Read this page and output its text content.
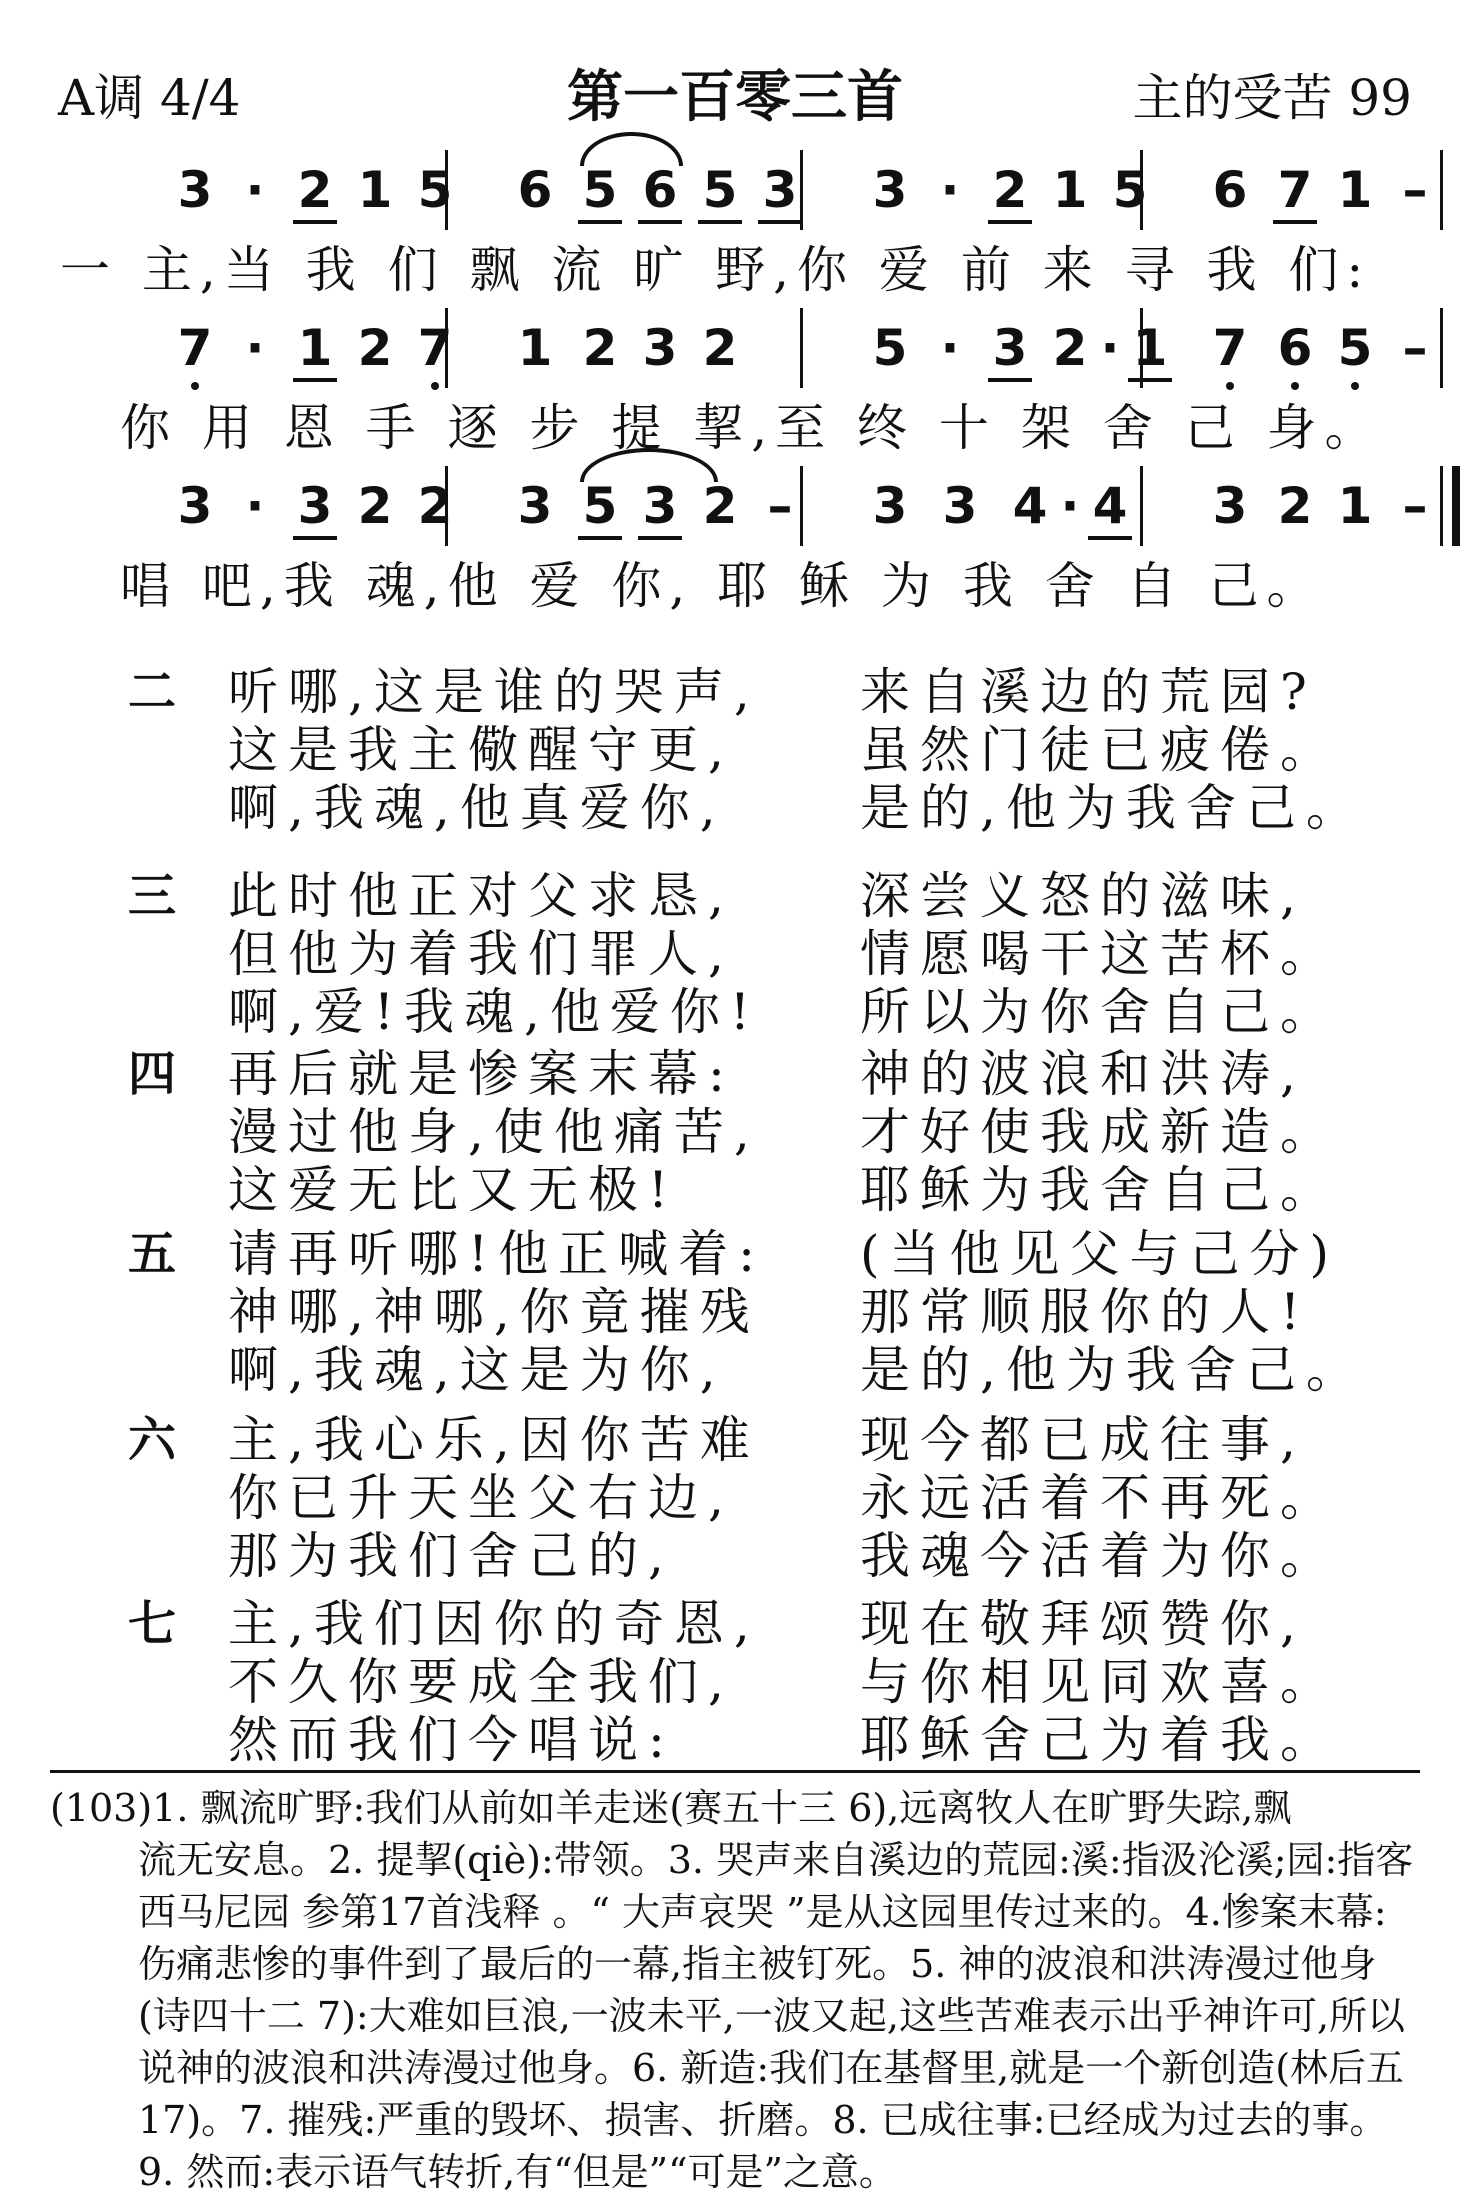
A调 4/4	第一百零三首	主的受苦 99
3 · 2 1 5 6 5 6 5 3 3 · 2 1 5 6 7 1 –
一 主,当 我 们 飘 流 旷 野,你 爱 前 来 寻 我 们:
7 · 1 2 7 1 2 3 2	5 · 3 2 · 1 7 6 5 –
你 用 恩 手 逐 步 提 挈,至 终 十 架 舍 己 身。
3 · 3 2 2 3 5 3 2 –	3 3 4 · 4 3 2 1 –
唱 吧,我 魂,他 爱 你, 耶 稣 为 我 舍 自 己。
二 听哪,这是谁的哭声, 来自溪边的荒园?
这是我主儆醒守更,	虽然门徒已疲倦。
啊,我魂,他真爱你,	是的,他为我舍己。
三 此时他正对父求恳,	深尝义怒的滋味,
但他为着我们罪人,	情愿喝干这苦杯。
啊,爱!我魂,他爱你! 所以为你舍自己。
四 再后就是惨案末幕:	神的波浪和洪涛,
漫过他身,使他痛苦, 才好使我成新造。
这爱无比又无极!	耶稣为我舍自己。
五 请再听哪!他正喊着: (当他见父与己分)
神哪,神哪,你竟摧残 那常顺服你的人!
啊,我魂,这是为你,	是的,他为我舍己。
六 主,我心乐,因你苦难 现今都已成往事,
你已升天坐父右边,	永远活着不再死。
那为我们舍己的,	我魂今活着为你。
七 主,我们因你的奇恩, 现在敬拜颂赞你,
不久你要成全我们,	与你相见同欢喜。
然而我们今唱说:	耶稣舍己为着我。
(103)1. 飘流旷野:我们从前如羊走迷(赛五十三 6),远离牧人在旷野失踪,飘
流无安息。2. 提挈(qiè):带领。3. 哭声来自溪边的荒园:溪:指汲沦溪;园:指客西马尼园 参第17首浅释 。“ 大声哀哭 ”是从这园里传过来的。4.惨案末幕:伤痛悲惨的事件到了最后的一幕,指主被钉死。5. 神的波浪和洪涛漫过他身(诗四十二 7):大难如巨浪,一波未平,一波又起,这些苦难表示出乎神许可,所以说神的波浪和洪涛漫过他身。6. 新造:我们在基督里,就是一个新创造(林后五 17)。7. 摧残:严重的毁坏、损害、折磨。8. 已成往事:已经成为过去的事。9. 然而:表示语气转折,有“但是”“可是”之意。
